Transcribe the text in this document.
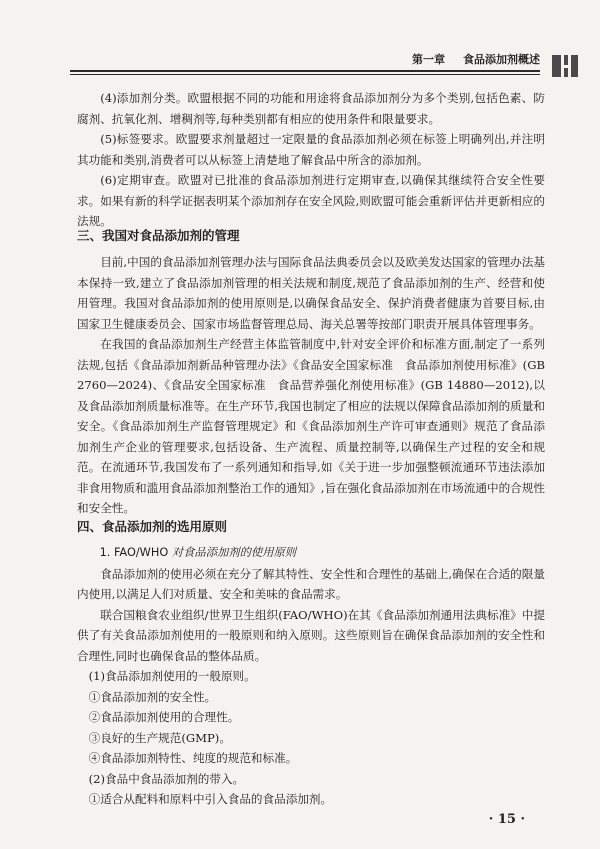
第一章 食品添加剂概述

(4)添加剂分类。欧盟根据不同的功能和用途将食品添加剂分为多个类别,包括色素、防腐剂、抗氧化剂、增稠剂等,每种类别都有相应的使用条件和限量要求。

(5)标签要求。欧盟要求剂量超过一定限量的食品添加剂必须在标签上明确列出,并注明其功能和类别,消费者可以从标签上清楚地了解食品中所含的添加剂。

(6)定期审查。欧盟对已批准的食品添加剂进行定期审查,以确保其继续符合安全性要求。如果有新的科学证据表明某个添加剂存在安全风险,则欧盟可能会重新评估并更新相应的法规。

三、我国对食品添加剂的管理

目前,中国的食品添加剂管理办法与国际食品法典委员会以及欧美发达国家的管理办法基本保持一致,建立了食品添加剂管理的相关法规和制度,规范了食品添加剂的生产、经营和使用管理。我国对食品添加剂的使用原则是,以确保食品安全、保护消费者健康为首要目标,由国家卫生健康委员会、国家市场监督管理总局、海关总署等按部门职责开展具体管理事务。

在我国的食品添加剂生产经营主体监管制度中,针对安全评价和标准方面,制定了一系列法规,包括《食品添加剂新品种管理办法》《食品安全国家标准　食品添加剂使用标准》(GB 2760—2024)、《食品安全国家标准　食品营养强化剂使用标准》(GB 14880—2012),以及食品添加剂质量标准等。在生产环节,我国也制定了相应的法规以保障食品添加剂的质量和安全。《食品添加剂生产监督管理规定》和《食品添加剂生产许可审查通则》规范了食品添加剂生产企业的管理要求,包括设备、生产流程、质量控制等,以确保生产过程的安全和规范。在流通环节,我国发布了一系列通知和指导,如《关于进一步加强整顿流通环节违法添加非食用物质和滥用食品添加剂整治工作的通知》,旨在强化食品添加剂在市场流通中的合规性和安全性。

四、食品添加剂的选用原则

1. FAO/WHO 对食品添加剂的使用原则

食品添加剂的使用必须在充分了解其特性、安全性和合理性的基础上,确保在合适的限量内使用,以满足人们对质量、安全和美味的食品需求。

联合国粮食农业组织/世界卫生组织(FAO/WHO)在其《食品添加剂通用法典标准》中提供了有关食品添加剂使用的一般原则和纳入原则。这些原则旨在确保食品添加剂的安全性和合理性,同时也确保食品的整体品质。

(1)食品添加剂使用的一般原则。

①食品添加剂的安全性。

②食品添加剂使用的合理性。

③良好的生产规范(GMP)。

④食品添加剂特性、纯度的规范和标准。

(2)食品中食品添加剂的带入。

①适合从配料和原料中引入食品的食品添加剂。

· 15 ·
